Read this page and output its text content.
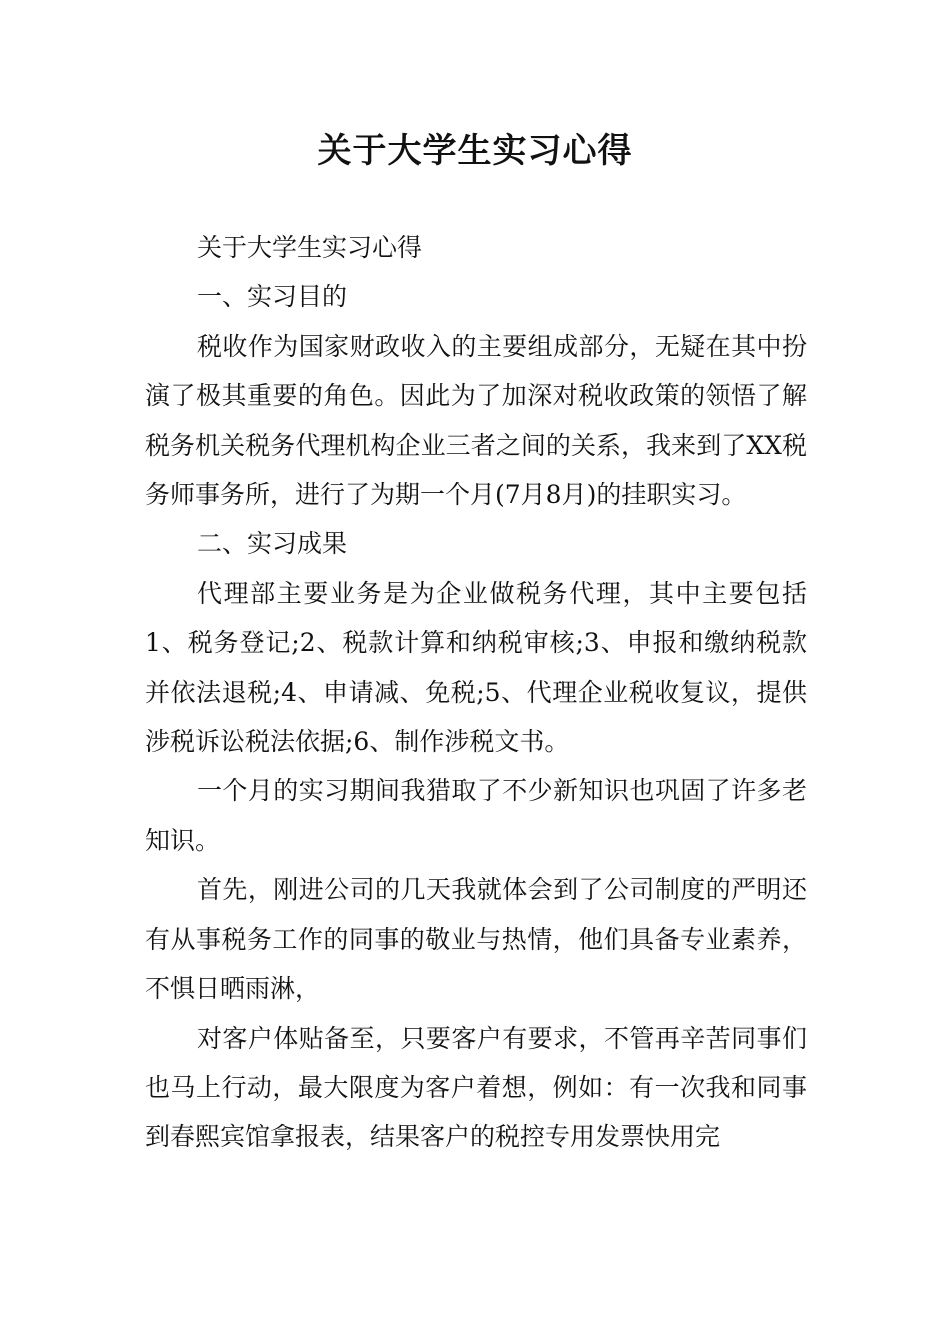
关于大学生实习心得

关于大学生实习心得

一、实习目的

税收作为国家财政收入的主要组成部分，无疑在其中扮演了极其重要的角色。因此为了加深对税收政策的领悟了解税务机关税务代理机构企业三者之间的关系，我来到了XX税务师事务所，进行了为期一个月(7月8月)的挂职实习。

二、实习成果

代理部主要业务是为企业做税务代理，其中主要包括1、税务登记;2、税款计算和纳税审核;3、申报和缴纳税款并依法退税;4、申请减、免税;5、代理企业税收复议，提供涉税诉讼税法依据;6、制作涉税文书。

一个月的实习期间我猎取了不少新知识也巩固了许多老知识。

首先，刚进公司的几天我就体会到了公司制度的严明还有从事税务工作的同事的敬业与热情，他们具备专业素养，不惧日晒雨淋，

对客户体贴备至，只要客户有要求，不管再辛苦同事们也马上行动，最大限度为客户着想，例如：有一次我和同事到春熙宾馆拿报表，结果客户的税控专用发票快用完
